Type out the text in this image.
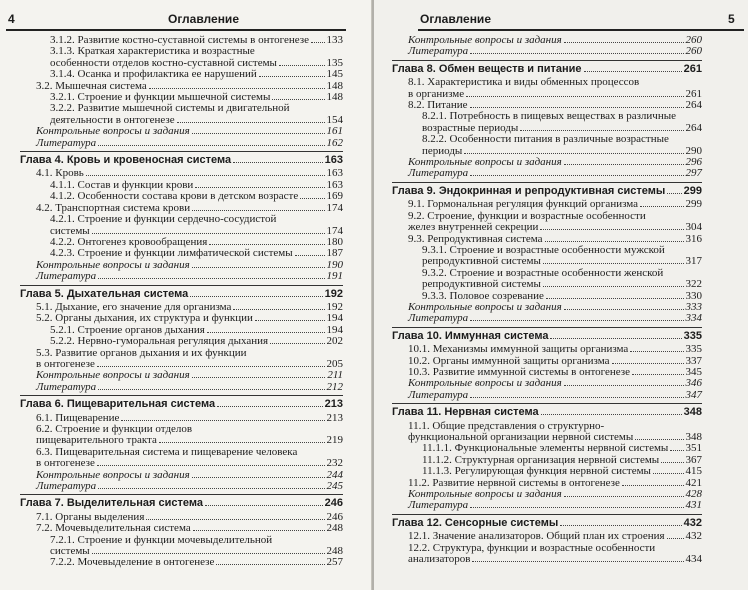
4	Оглавление
3.1.2. Развитие костно-суставной системы в онтогенезе 133
3.1.3. Краткая характеристика и возрастные
особенности отделов костно-суставной системы	135
3.1.4. Осанка и профилактика ее нарушений	145
3.2. Мышечная система	148
3.2.1. Строение и функции мышечной системы	148
3.2.2. Развитие мышечной системы и двигательной
деятельности в онтогенезе	154
Контрольные вопросы и задания	161
Литература	162
Глава 4. Кровь и кровеносная система	163
4.1. Кровь	163
4.1.1. Состав и функции крови	163
4.1.2. Особенности состава крови в детском возрасте	169
4.2. Транспортная система крови	174
4.2.1. Строение и функции сердечно-сосудистой
системы	174
4.2.2. Онтогенез кровообращения	180
4.2.3. Строение и функции лимфатической системы	187
Контрольные вопросы и задания	190
Литература	191
Глава 5. Дыхательная система	192
5.1. Дыхание, его значение для организма	192
5.2. Органы дыхания, их структура и функции	194
5.2.1. Строение органов дыхания	194
5.2.2. Нервно-гуморальная регуляция дыхания	202
5.3. Развитие органов дыхания и их функции
в онтогенезе	205
Контрольные вопросы и задания	211
Литература	212
Глава 6. Пищеварительная система	213
6.1. Пищеварение	213
6.2. Строение и функции отделов
пищеварительного тракта	219
6.3. Пищеварительная система и пищеварение человека
в онтогенезе	232
Контрольные вопросы и задания	244
Литература	245
Глава 7. Выделительная система	246
7.1. Органы выделения	246
7.2. Мочевыделительная система	248
7.2.1. Строение и функции мочевыделительной
системы	248
7.2.2. Мочевыделение в онтогенезе	257
Оглавление	5
Контрольные вопросы и задания	260
Литература	260
Глава 8. Обмен веществ и питание	261
8.1. Характеристика и виды обменных процессов
в организме	261
8.2. Питание	264
8.2.1. Потребность в пищевых веществах в различные
возрастные периоды	264
8.2.2. Особенности питания в различные возрастные
периоды	290
Контрольные вопросы и задания	296
Литература	297
Глава 9. Эндокринная и репродуктивная системы 299
9.1. Гормональная регуляция функций организма	299
9.2. Строение, функции и возрастные особенности
желез внутренней секреции	304
9.3. Репродуктивная система	316
9.3.1. Строение и возрастные особенности мужской
репродуктивной системы	317
9.3.2. Строение и возрастные особенности женской
репродуктивной системы	322
9.3.3. Половое созревание	330
Контрольные вопросы и задания	333
Литература	334
Глава 10. Иммунная система	335
10.1. Механизмы иммунной защиты организма	335
10.2. Органы иммунной защиты организма	337
10.3. Развитие иммунной системы в онтогенезе	345
Контрольные вопросы и задания	346
Литература	347
Глава 11. Нервная система	348
11.1. Общие представления о структурно-
функциональной организации нервной системы	348
11.1.1. Функциональные элементы нервной системы 351
11.1.2. Структурная организация нервной системы 367
11.1.3. Регулирующая функция нервной системы	415
11.2. Развитие нервной системы в онтогенезе	421
Контрольные вопросы и задания	428
Литература	431
Глава 12. Сенсорные системы	432
12.1. Значение анализаторов. Общий план их строения 432
12.2. Структура, функции и возрастные особенности
анализаторов	434
